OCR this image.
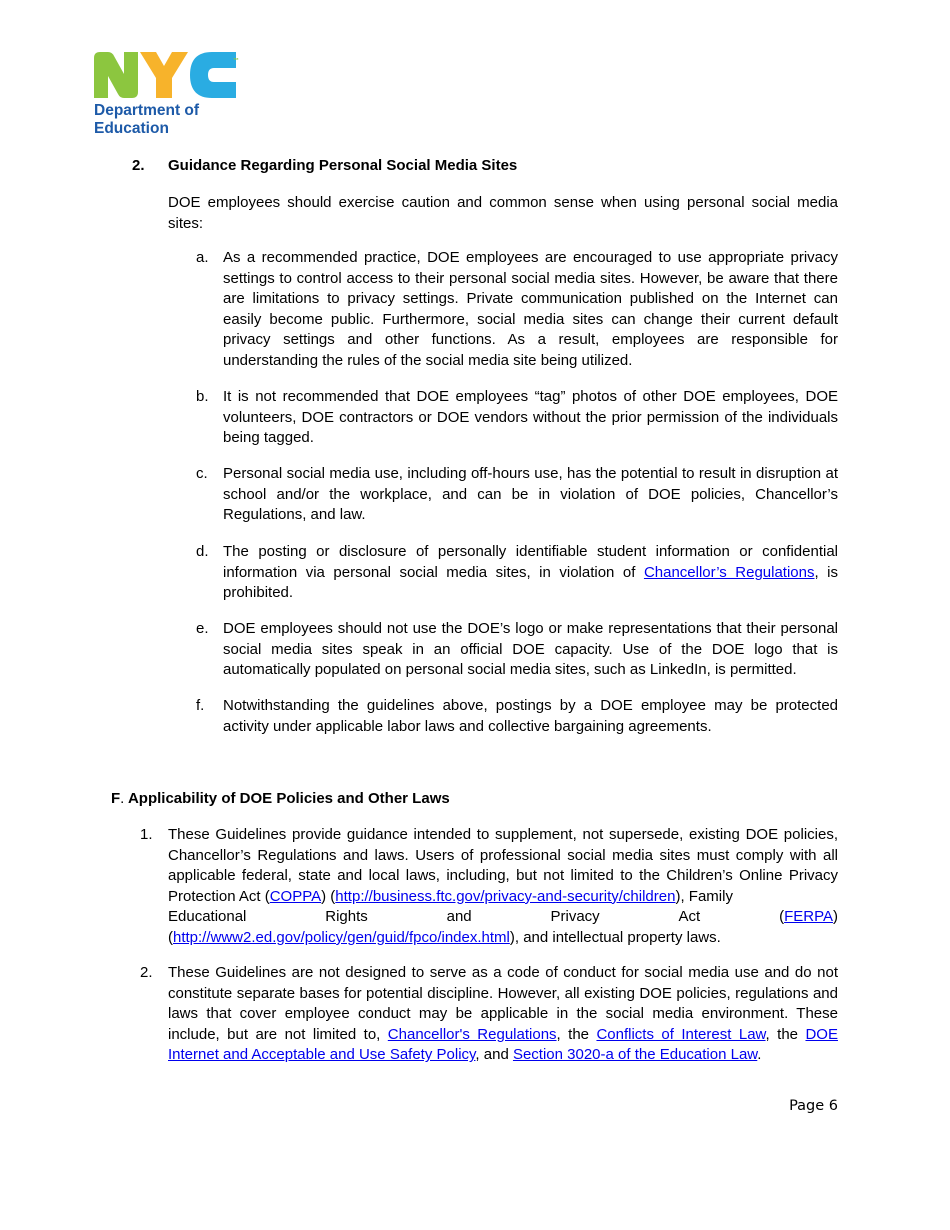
™
Department of
Education
2. Guidance Regarding Personal Social Media Sites
DOE employees should exercise caution and common sense when using personal social media sites:
a. As a recommended practice, DOE employees are encouraged to use appropriate privacy settings to control access to their personal social media sites. However, be aware that there are limitations to privacy settings. Private communication published on the Internet can easily become public. Furthermore, social media sites can change their current default privacy settings and other functions. As a result, employees are responsible for understanding the rules of the social media site being utilized.
b. It is not recommended that DOE employees “tag” photos of other DOE employees, DOE volunteers, DOE contractors or DOE vendors without the prior permission of the individuals being tagged.
c. Personal social media use, including off-hours use, has the potential to result in disruption at school and/or the workplace, and can be in violation of DOE policies, Chancellor’s Regulations, and law.
d. The posting or disclosure of personally identifiable student information or confidential information via personal social media sites, in violation of Chancellor’s Regulations, is prohibited.
e. DOE employees should not use the DOE’s logo or make representations that their personal social media sites speak in an official DOE capacity. Use of the DOE logo that is automatically populated on personal social media sites, such as LinkedIn, is permitted.
f. Notwithstanding the guidelines above, postings by a DOE employee may be protected activity under applicable labor laws and collective bargaining agreements.
F. Applicability of DOE Policies and Other Laws
1. These Guidelines provide guidance intended to supplement, not supersede, existing DOE policies, Chancellor’s Regulations and laws. Users of professional social media sites must comply with all applicable federal, state and local laws, including, but not limited to the Children’s Online Privacy Protection Act (COPPA) (http://business.ftc.gov/privacy-and-security/children), Family
Educational	Rights	and	Privacy	Act	(FERPA)
(http://www2.ed.gov/policy/gen/guid/fpco/index.html), and intellectual property laws.
2. These Guidelines are not designed to serve as a code of conduct for social media use and do not constitute separate bases for potential discipline. However, all existing DOE policies, regulations and laws that cover employee conduct may be applicable in the social media environment. These include, but are not limited to, Chancellor's Regulations, the Conflicts of Interest Law, the DOE Internet and Acceptable and Use Safety Policy, and Section 3020-a of the Education Law.
Page 6
